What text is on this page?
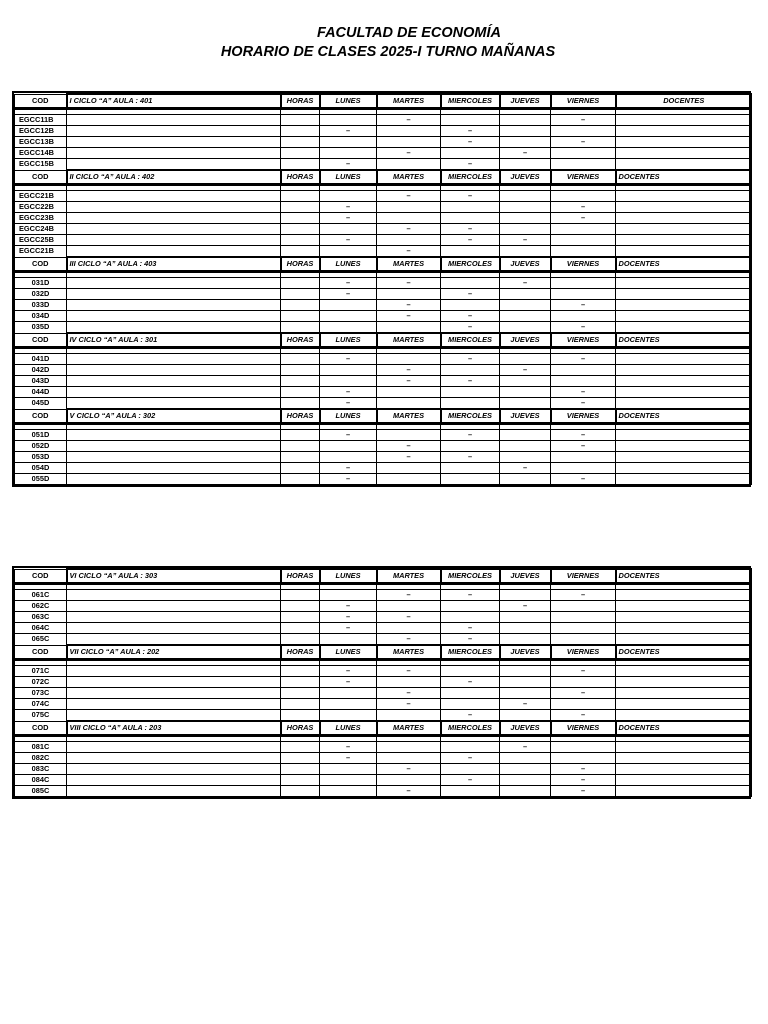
FACULTAD DE ECONOMÍA
HORARIO DE CLASES 2025-I TURNO MAÑANAS
COD	I CICLO “A” AULA : 401	HORAS	LUNES	MARTES	MIERCOLES	JUEVES	VIERNES	DOCENTES

EGCC11B				–			–	
EGCC12B			–		–			
EGCC13B					–		–	
EGCC14B				–		–		
EGCC15B			–		–			
COD	II CICLO “A” AULA : 402	HORAS	LUNES	MARTES	MIERCOLES	JUEVES	VIERNES	DOCENTES

EGCC21B				–	–			
EGCC22B			–				–	
EGCC23B			–				–	
EGCC24B				–	–			
EGCC25B			–		–	–		
EGCC21B				–				
COD	III CICLO “A” AULA : 403	HORAS	LUNES	MARTES	MIERCOLES	JUEVES	VIERNES	DOCENTES

031D			–	–		–		
032D			–		–			
033D				–			–	
034D				–	–			
035D					–		–	
COD	IV CICLO “A” AULA : 301	HORAS	LUNES	MARTES	MIERCOLES	JUEVES	VIERNES	DOCENTES

041D			–		–		–	
042D				–		–		
043D				–	–			
044D			–				–	
045D			–				–	
COD	V CICLO “A” AULA : 302	HORAS	LUNES	MARTES	MIERCOLES	JUEVES	VIERNES	DOCENTES

051D			–		–		–	
052D				–			–	
053D				–	–			
054D			–			–		
055D			–				–	
COD	VI CICLO “A” AULA : 303	HORAS	LUNES	MARTES	MIERCOLES	JUEVES	VIERNES	DOCENTES

061C				–	–		–	
062C			–			–		
063C			–	–				
064C			–		–			
065C				–	–			
COD	VII CICLO “A” AULA : 202	HORAS	LUNES	MARTES	MIERCOLES	JUEVES	VIERNES	DOCENTES

071C			–	–			–	
072C			–		–			
073C				–			–	
074C				–		–		
075C					–		–	
COD	VIII CICLO “A” AULA : 203	HORAS	LUNES	MARTES	MIERCOLES	JUEVES	VIERNES	DOCENTES

081C			–			–		
082C			–		–			
083C				–			–	
084C					–		–	
085C				–			–	
